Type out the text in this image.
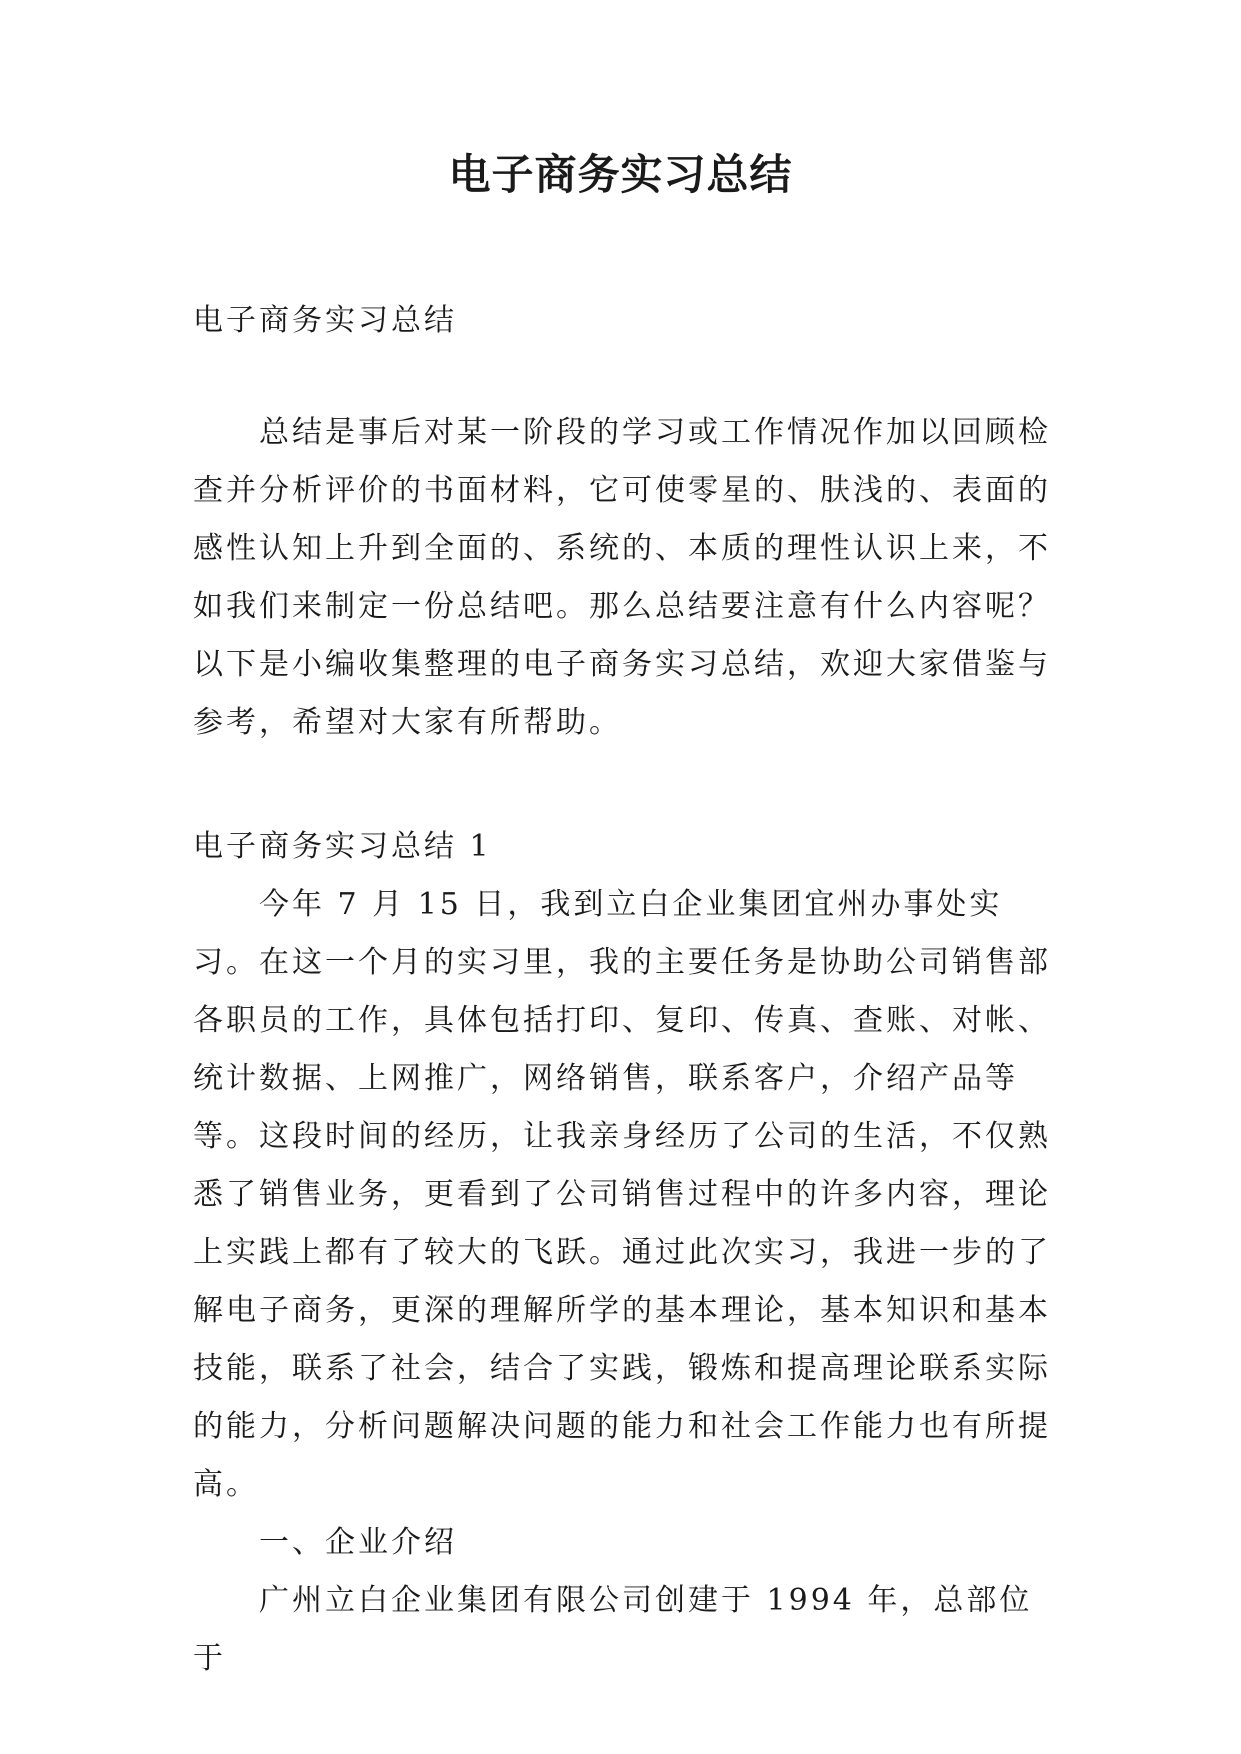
电子商务实习总结
电子商务实习总结

总结是事后对某一阶段的学习或工作情况作加以回顾检查并分析评价的书面材料，它可使零星的、肤浅的、表面的感性认知上升到全面的、系统的、本质的理性认识上来，不如我们来制定一份总结吧。那么总结要注意有什么内容呢？以下是小编收集整理的电子商务实习总结，欢迎大家借鉴与参考，希望对大家有所帮助。

电子商务实习总结 1

今年 7 月 15 日，我到立白企业集团宜州办事处实习。在这一个月的实习里，我的主要任务是协助公司销售部各职员的工作，具体包括打印、复印、传真、查账、对帐、统计数据、上网推广，网络销售，联系客户，介绍产品等等。这段时间的经历，让我亲身经历了公司的生活，不仅熟悉了销售业务，更看到了公司销售过程中的许多内容，理论上实践上都有了较大的飞跃。通过此次实习，我进一步的了解电子商务，更深的理解所学的基本理论，基本知识和基本技能，联系了社会，结合了实践，锻炼和提高理论联系实际的能力，分析问题解决问题的能力和社会工作能力也有所提高。

一、企业介绍

广州立白企业集团有限公司创建于 1994 年，总部位于
